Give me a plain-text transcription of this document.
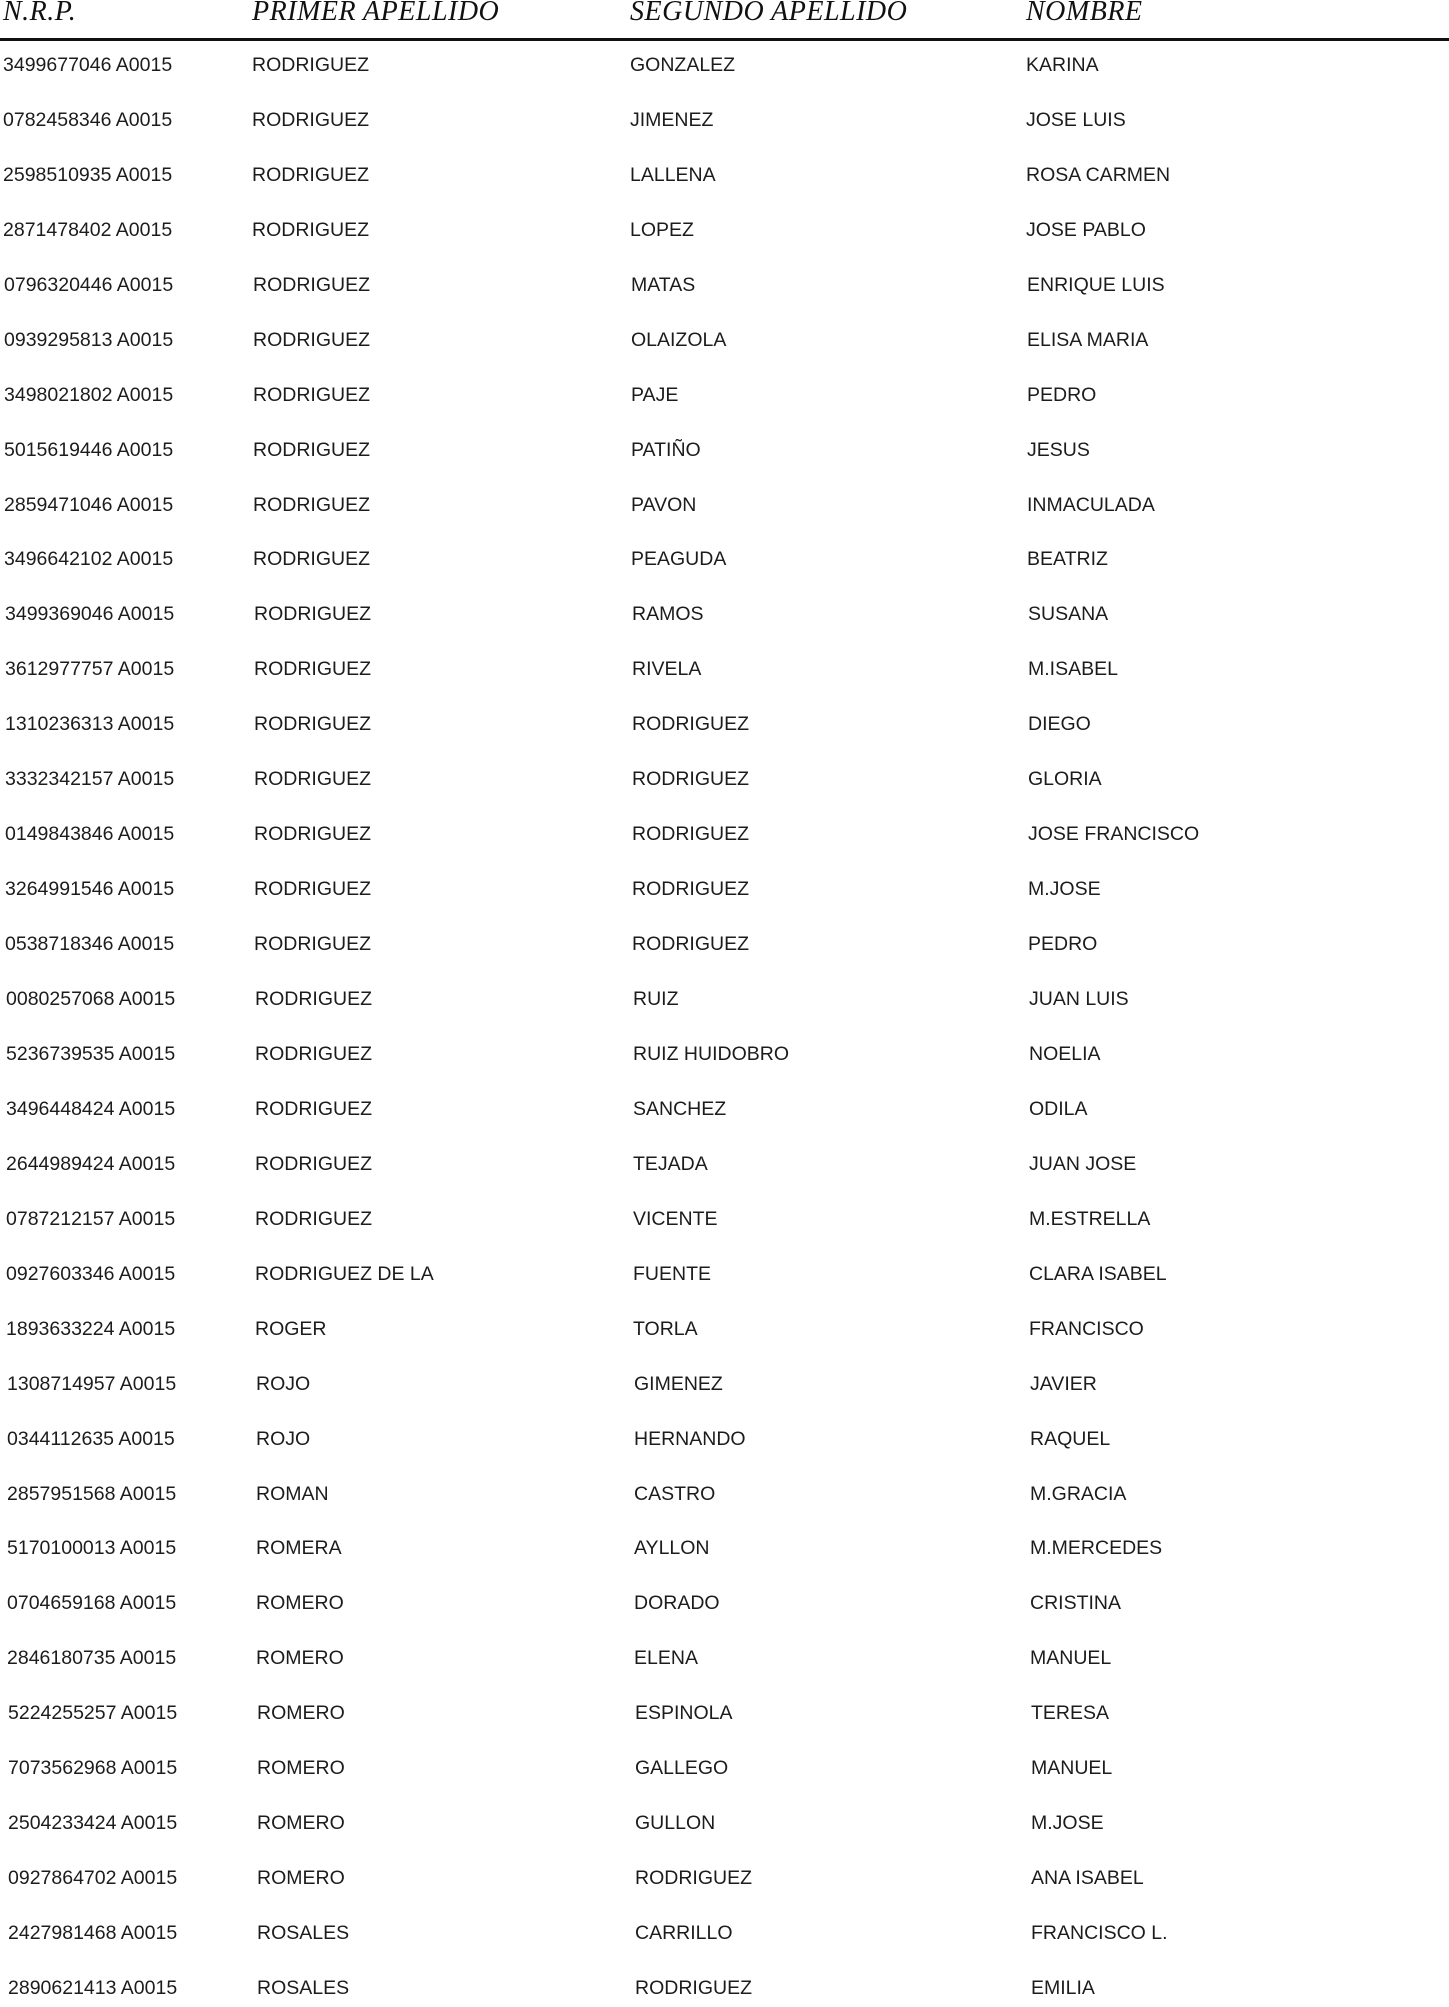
N.R.P.	PRIMER APELLIDO	SEGUNDO APELLIDO	NOMBRE
3499677046 A0015	RODRIGUEZ	GONZALEZ	KARINA
0782458346 A0015	RODRIGUEZ	JIMENEZ	JOSE LUIS
2598510935 A0015	RODRIGUEZ	LALLENA	ROSA CARMEN
2871478402 A0015	RODRIGUEZ	LOPEZ	JOSE PABLO
0796320446 A0015	RODRIGUEZ	MATAS	ENRIQUE LUIS
0939295813 A0015	RODRIGUEZ	OLAIZOLA	ELISA MARIA
3498021802 A0015	RODRIGUEZ	PAJE	PEDRO
5015619446 A0015	RODRIGUEZ	PATIÑO	JESUS
2859471046 A0015	RODRIGUEZ	PAVON	INMACULADA
3496642102 A0015	RODRIGUEZ	PEAGUDA	BEATRIZ
3499369046 A0015	RODRIGUEZ	RAMOS	SUSANA
3612977757 A0015	RODRIGUEZ	RIVELA	M.ISABEL
1310236313 A0015	RODRIGUEZ	RODRIGUEZ	DIEGO
3332342157 A0015	RODRIGUEZ	RODRIGUEZ	GLORIA
0149843846 A0015	RODRIGUEZ	RODRIGUEZ	JOSE FRANCISCO
3264991546 A0015	RODRIGUEZ	RODRIGUEZ	M.JOSE
0538718346 A0015	RODRIGUEZ	RODRIGUEZ	PEDRO
0080257068 A0015	RODRIGUEZ	RUIZ	JUAN LUIS
5236739535 A0015	RODRIGUEZ	RUIZ HUIDOBRO	NOELIA
3496448424 A0015	RODRIGUEZ	SANCHEZ	ODILA
2644989424 A0015	RODRIGUEZ	TEJADA	JUAN JOSE
0787212157 A0015	RODRIGUEZ	VICENTE	M.ESTRELLA
0927603346 A0015	RODRIGUEZ DE LA	FUENTE	CLARA ISABEL
1893633224 A0015	ROGER	TORLA	FRANCISCO
1308714957 A0015	ROJO	GIMENEZ	JAVIER
0344112635 A0015	ROJO	HERNANDO	RAQUEL
2857951568 A0015	ROMAN	CASTRO	M.GRACIA
5170100013 A0015	ROMERA	AYLLON	M.MERCEDES
0704659168 A0015	ROMERO	DORADO	CRISTINA
2846180735 A0015	ROMERO	ELENA	MANUEL
5224255257 A0015	ROMERO	ESPINOLA	TERESA
7073562968 A0015	ROMERO	GALLEGO	MANUEL
2504233424 A0015	ROMERO	GULLON	M.JOSE
0927864702 A0015	ROMERO	RODRIGUEZ	ANA ISABEL
2427981468 A0015	ROSALES	CARRILLO	FRANCISCO L.
2890621413 A0015	ROSALES	RODRIGUEZ	EMILIA
